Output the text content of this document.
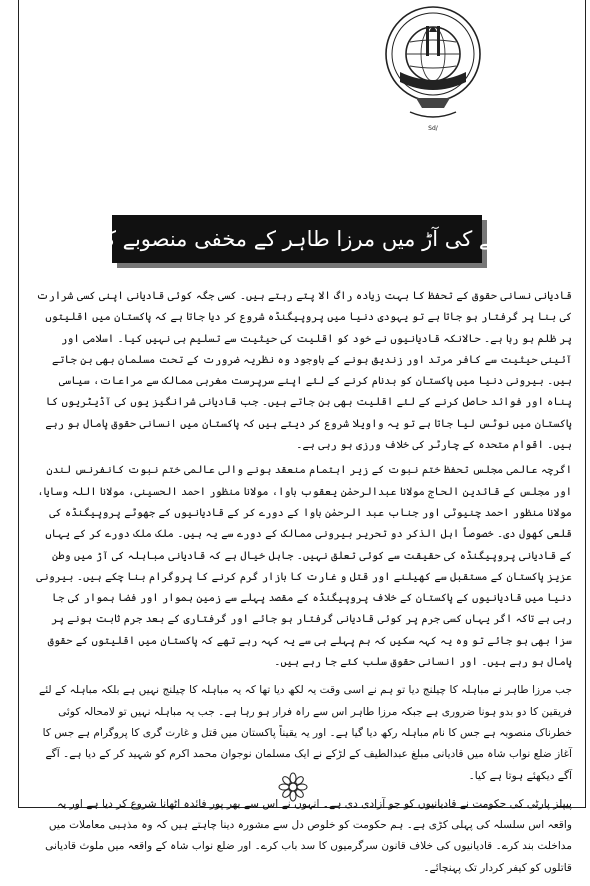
Sd/
مباہلے کی آڑ میں مرزا طاہر کے مخفی منصوبے کا آغاز

قادیانی نسانی حقوق کے تحفظ کا بہت زیادہ راگ الا پتے رہتے ہیں۔ کسی جگہ کوئی قادیانی اپنی کسی شرارت کی بنا پر گرفتار ہو جاتا ہے تو یہودی دنیا میں پروپیگنڈہ شروع کر دیا جاتا ہے کہ پاکستان میں اقلیتوں پر ظلم ہو رہا ہے۔ حالانکہ قادیانیوں نے خود کو اقلیت کی حیثیت سے تسلیم ہی نہیں کیا۔ اسلامی اور آئینی حیثیت سے کافر مرتد اور زندیق ہونے کے باوجود وہ نظریہ ضرورت کے تحت مسلمان بھی بن جاتے ہیں۔ بیرونی دنیا میں پاکستان کو بدنام کرنے کے لئے اپنے سرپرست مغربی ممالک سے مراعات، سیاسی پناہ اور فوائد حاصل کرنے کے لئے اقلیت بھی بن جاتے ہیں۔ جب قادیانی شرانگیز یوں کی آڈیٹریوں کا پاکستان میں نوٹس لیا جاتا ہے تو یہ واویلا شروع کر دیتے ہیں کہ پاکستان میں انسانی حقوق پامال ہو رہے ہیں۔ اقوام متحدہ کے چارٹر کی خلاف ورزی ہو رہی ہے۔

اگرچہ عالمی مجلس تحفظ ختم نبوت کے زیر اہتمام منعقد ہونے والی عالمی ختم نبوت کانفرنس لندن اور مجلس کے قائدین الحاج مولانا عبدالرحمٰن یعقوب باوا، مولانا منظور احمد الحسینی، مولانا اللہ وسایا، مولانا منظور احمد چنیوٹی اور جناب عبد الرحمٰن باوا کے دورے کر کے قادیانیوں کے جھوٹے پروپیگنڈہ کی قلعی کھول دی۔ خصوصاً اہل الذکر دو تحریر بیرونی ممالک کے دورے سے یہ ہیں۔ ملک ملک دورے کر کے یہاں کے قادیانی پروپیگنڈہ کی حقیقت سے کوئی تعلق نہیں۔ جاہل خیال ہے کہ قادیانی مباہلہ کی آڑ میں وطن عزیز پاکستان کے مستقبل سے کھیلنے اور قتل و غارت کا بازار گرم کرنے کا پروگرام بنا چکے ہیں۔ بیرونی دنیا میں قادیانیوں کے پاکستان کے خلاف پروپیگنڈہ کے مقصد پہلے سے زمین ہموار اور فضا ہموار کی جا رہی ہے تاکہ اگر یہاں کسی جرم پر کوئی قادیانی گرفتار ہو جائے اور گرفتاری کے بعد جرم ثابت ہونے پر سزا بھی ہو جائے تو وہ یہ کہہ سکیں کہ ہم پہلے ہی سے یہ کہہ رہے تھے کہ پاکستان میں اقلیتوں کے حقوق پامال ہو رہے ہیں۔ اور انسانی حقوق سلب کئے جا رہے ہیں۔

جب مرزا طاہر نے مباہلہ کا چیلنج دیا تو ہم نے اسی وقت یہ لکھ دیا تھا کہ یہ مباہلہ کا چیلنج نہیں ہے بلکہ مباہلہ کے لئے فریقین کا دو بدو ہونا ضروری ہے جبکہ مرزا طاہر اس سے راہ فرار ہو رہا ہے۔ جب یہ مباہلہ نہیں تو لامحالہ کوئی خطرناک منصوبہ ہے جس کا نام مباہلہ رکھ دیا گیا ہے۔ اور یہ یقیناً پاکستان میں قتل و غارت گری کا پروگرام ہے جس کا آغاز ضلع نواب شاہ میں قادیانی مبلغ عبدالطیف کے لڑکے نے ایک مسلمان نوجوان محمد اکرم کو شہید کر کے دیا ہے۔ آگے آگے دیکھئے ہوتا ہے کیا۔

پیپلز پارٹی کی حکومت نے قادیانیوں کو جو آزادی دی ہے۔ انہوں نے اس سے بھر پور فائدہ اٹھانا شروع کر دیا ہے اور یہ واقعہ اس سلسلہ کی پہلی کڑی ہے۔ ہم حکومت کو خلوص دل سے مشورہ دینا چاہتے ہیں کہ وہ مذہبی معاملات میں مداخلت بند کرے۔ قادیانیوں کی خلاف قانون سرگرمیوں کا سد باب کرے۔ اور ضلع نواب شاہ کے واقعہ میں ملوث قادیانی قاتلوں کو کیفر کردار تک پہنچائے۔
